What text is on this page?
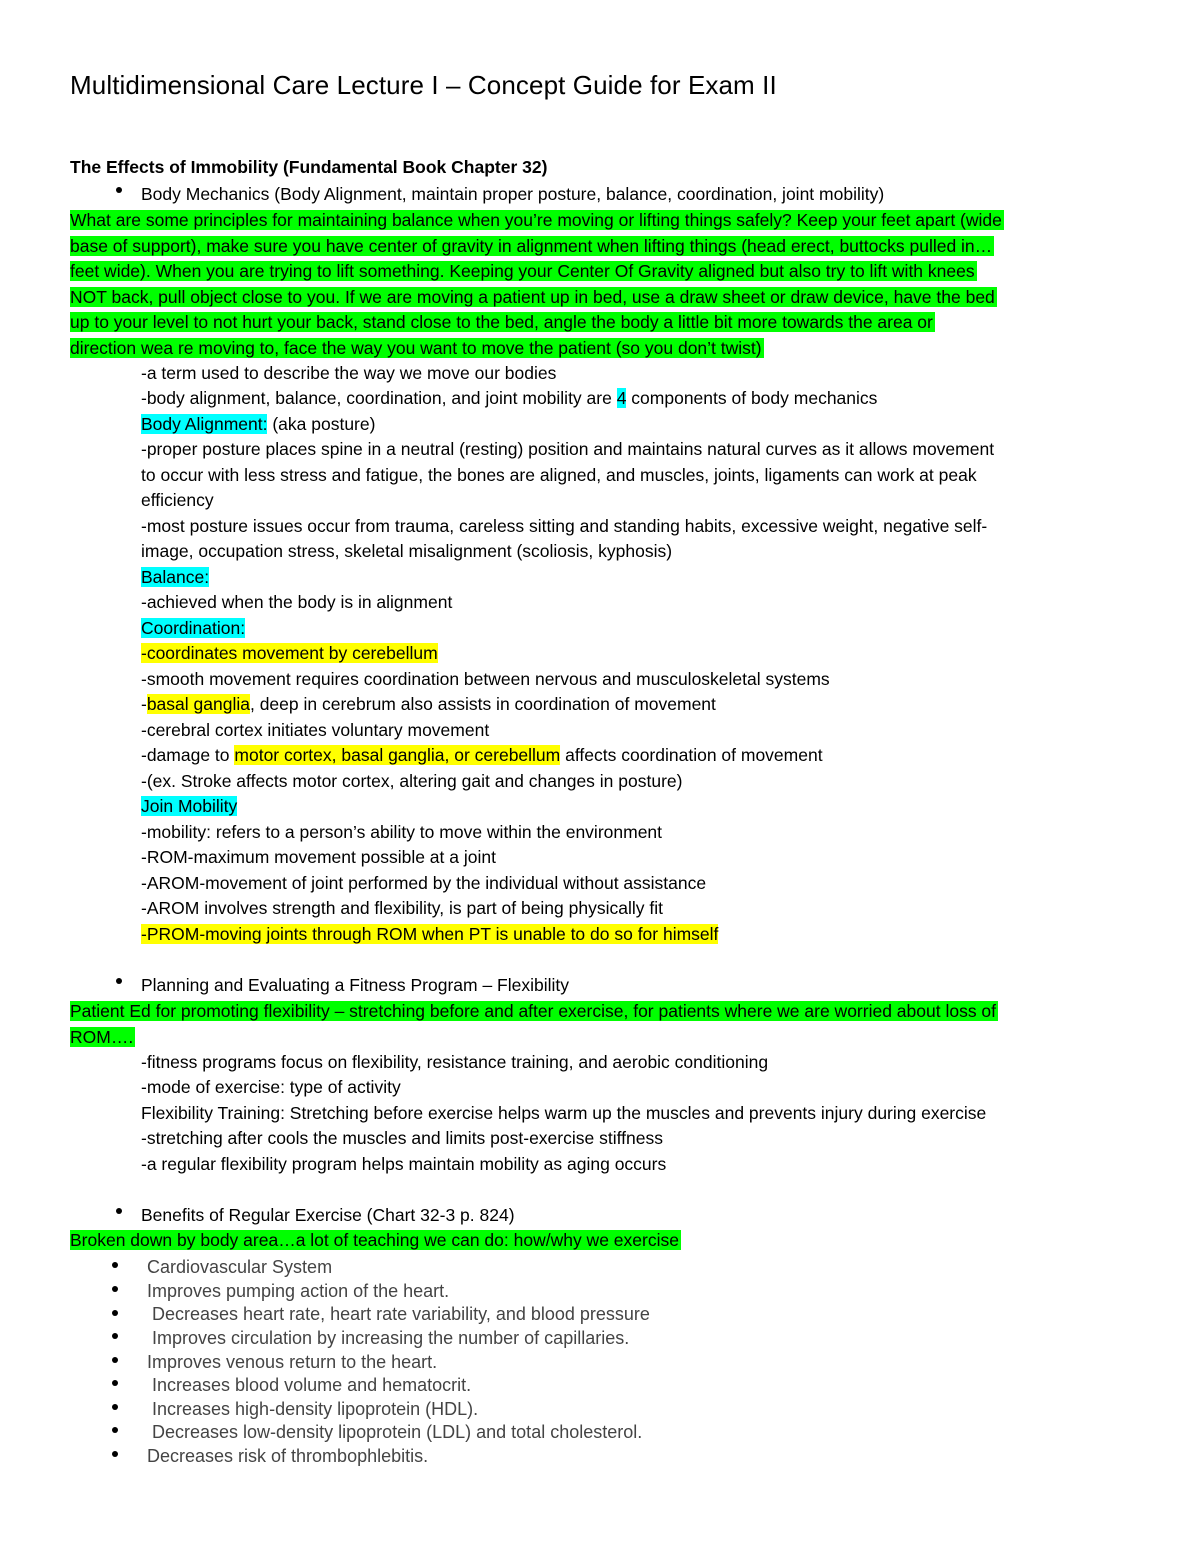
Multidimensional Care Lecture I – Concept Guide for Exam II
The Effects of Immobility (Fundamental Book Chapter 32)
Body Mechanics (Body Alignment, maintain proper posture, balance, coordination, joint mobility)
What are some principles for maintaining balance when you’re moving or lifting things safely? Keep your feet apart (wide
base of support), make sure you have center of gravity in alignment when lifting things (head erect, buttocks pulled in…
feet wide). When you are trying to lift something. Keeping your Center Of Gravity aligned but also try to lift with knees
NOT back, pull object close to you. If we are moving a patient up in bed, use a draw sheet or draw device, have the bed
up to your level to not hurt your back, stand close to the bed, angle the body a little bit more towards the area or
direction wea re moving to, face the way you want to move the patient (so you don’t twist)
-a term used to describe the way we move our bodies
-body alignment, balance, coordination, and joint mobility are 4 components of body mechanics
Body Alignment: (aka posture)
-proper posture places spine in a neutral (resting) position and maintains natural curves as it allows movement
to occur with less stress and fatigue, the bones are aligned, and muscles, joints, ligaments can work at peak
efficiency
-most posture issues occur from trauma, careless sitting and standing habits, excessive weight, negative self-
image, occupation stress, skeletal misalignment (scoliosis, kyphosis)
Balance:
-achieved when the body is in alignment
Coordination:
-coordinates movement by cerebellum
-smooth movement requires coordination between nervous and musculoskeletal systems
-basal ganglia, deep in cerebrum also assists in coordination of movement
-cerebral cortex initiates voluntary movement
-damage to motor cortex, basal ganglia, or cerebellum affects coordination of movement
-(ex. Stroke affects motor cortex, altering gait and changes in posture)
Join Mobility
-mobility: refers to a person’s ability to move within the environment
-ROM-maximum movement possible at a joint
-AROM-movement of joint performed by the individual without assistance
-AROM involves strength and flexibility, is part of being physically fit
-PROM-moving joints through ROM when PT is unable to do so for himself
Planning and Evaluating a Fitness Program – Flexibility
Patient Ed for promoting flexibility – stretching before and after exercise, for patients where we are worried about loss of
ROM….
-fitness programs focus on flexibility, resistance training, and aerobic conditioning
-mode of exercise: type of activity
Flexibility Training: Stretching before exercise helps warm up the muscles and prevents injury during exercise
-stretching after cools the muscles and limits post-exercise stiffness
-a regular flexibility program helps maintain mobility as aging occurs
Benefits of Regular Exercise (Chart 32-3 p. 824)
Broken down by body area…a lot of teaching we can do: how/why we exercise
Cardiovascular System
Improves pumping action of the heart.
Decreases heart rate, heart rate variability, and blood pressure
Improves circulation by increasing the number of capillaries.
Improves venous return to the heart.
Increases blood volume and hematocrit.
Increases high-density lipoprotein (HDL).
Decreases low-density lipoprotein (LDL) and total cholesterol.
Decreases risk of thrombophlebitis.
